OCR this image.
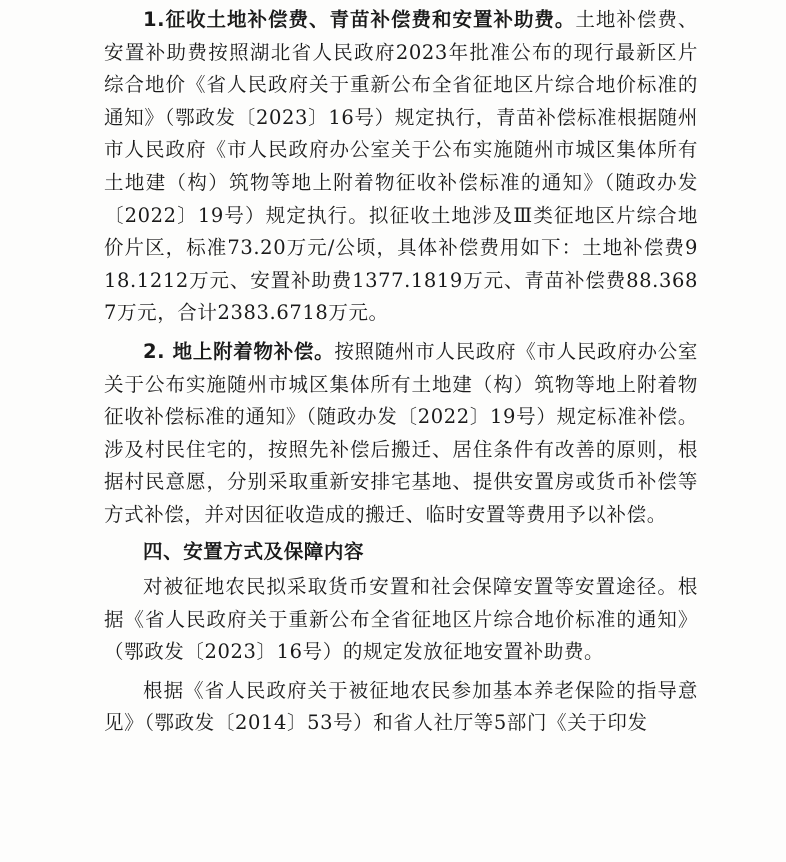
1.征收土地补偿费、青苗补偿费和安置补助费。土地补偿费、安置补助费按照湖北省人民政府2023年批准公布的现行最新区片综合地价《省人民政府关于重新公布全省征地区片综合地价标准的通知》（鄂政发〔2023〕16号）规定执行，青苗补偿标准根据随州市人民政府《市人民政府办公室关于公布实施随州市城区集体所有土地建（构）筑物等地上附着物征收补偿标准的通知》（随政办发〔2022〕19号）规定执行。拟征收土地涉及Ⅲ类征地区片综合地价片区，标准73.20万元/公顷，具体补偿费用如下：土地补偿费918.1212万元、安置补助费1377.1819万元、青苗补偿费88.3687万元，合计2383.6718万元。

2. 地上附着物补偿。按照随州市人民政府《市人民政府办公室关于公布实施随州市城区集体所有土地建（构）筑物等地上附着物征收补偿标准的通知》（随政办发〔2022〕19号）规定标准补偿。涉及村民住宅的，按照先补偿后搬迁、居住条件有改善的原则，根据村民意愿，分别采取重新安排宅基地、提供安置房或货币补偿等方式补偿，并对因征收造成的搬迁、临时安置等费用予以补偿。

四、安置方式及保障内容

对被征地农民拟采取货币安置和社会保障安置等安置途径。根据《省人民政府关于重新公布全省征地区片综合地价标准的通知》（鄂政发〔2023〕16号）的规定发放征地安置补助费。

根据《省人民政府关于被征地农民参加基本养老保险的指导意见》（鄂政发〔2014〕53号）和省人社厅等5部门《关于印发
